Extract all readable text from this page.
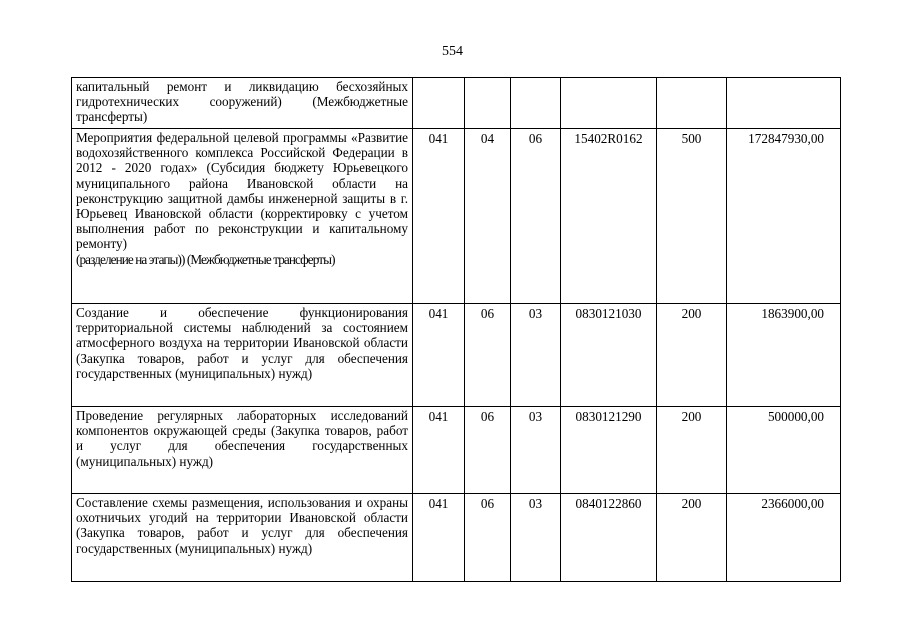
554
капитальный ремонт и ликвидацию бесхозяйных гидротехнических сооружений) (Межбюджетные трансферты)						

Мероприятия федеральной целевой программы «Развитие водохозяйственного комплекса Российской Федерации в 2012 - 2020 годах» (Субсидия бюджету Юрьевецкого муниципального района Ивановской области на реконструкцию защитной дамбы инженерной защиты в г. Юрьевец Ивановской области (корректировку с учетом выполнения работ по реконструкции и капитальному ремонту)
(разделение на этапы)) (Межбюджетные трансферты)	041	04	06	15402R0162	500	172847930,00

Создание и обеспечение функционирования территориальной системы наблюдений за состоянием атмосферного воздуха на территории Ивановской области (Закупка товаров, работ и услуг для обеспечения государственных (муниципальных) нужд)	041	06	03	0830121030	200	1863900,00

Проведение регулярных лабораторных исследований компонентов окружающей среды (Закупка товаров, работ и услуг для обеспечения государственных (муниципальных) нужд)	041	06	03	0830121290	200	500000,00

Составление схемы размещения, использования и охраны охотничьих угодий на территории Ивановской области (Закупка товаров, работ и услуг для обеспечения государственных (муниципальных) нужд)	041	06	03	0840122860	200	2366000,00
